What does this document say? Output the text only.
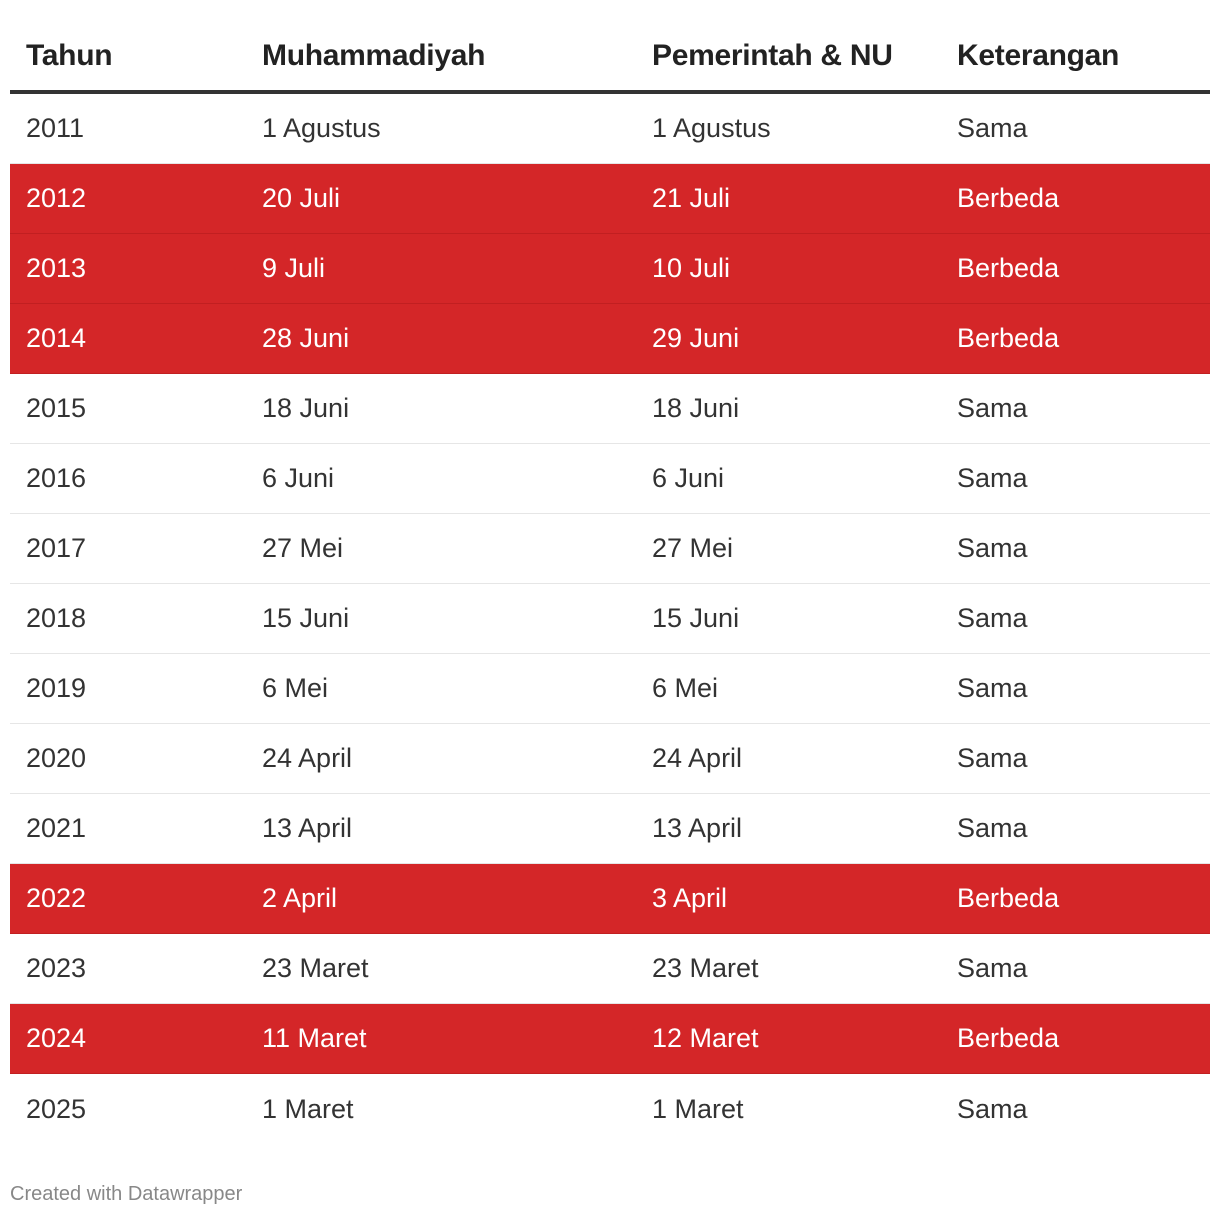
Tahun	Muhammadiyah	Pemerintah & NU	Keterangan
2011	1 Agustus	1 Agustus	Sama
2012	20 Juli	21 Juli	Berbeda
2013	9 Juli	10 Juli	Berbeda
2014	28 Juni	29 Juni	Berbeda
2015	18 Juni	18 Juni	Sama
2016	6 Juni	6 Juni	Sama
2017	27 Mei	27 Mei	Sama
2018	15 Juni	15 Juni	Sama
2019	6 Mei	6 Mei	Sama
2020	24 April	24 April	Sama
2021	13 April	13 April	Sama
2022	2 April	3 April	Berbeda
2023	23 Maret	23 Maret	Sama
2024	11 Maret	12 Maret	Berbeda
2025	1 Maret	1 Maret	Sama
Created with Datawrapper
